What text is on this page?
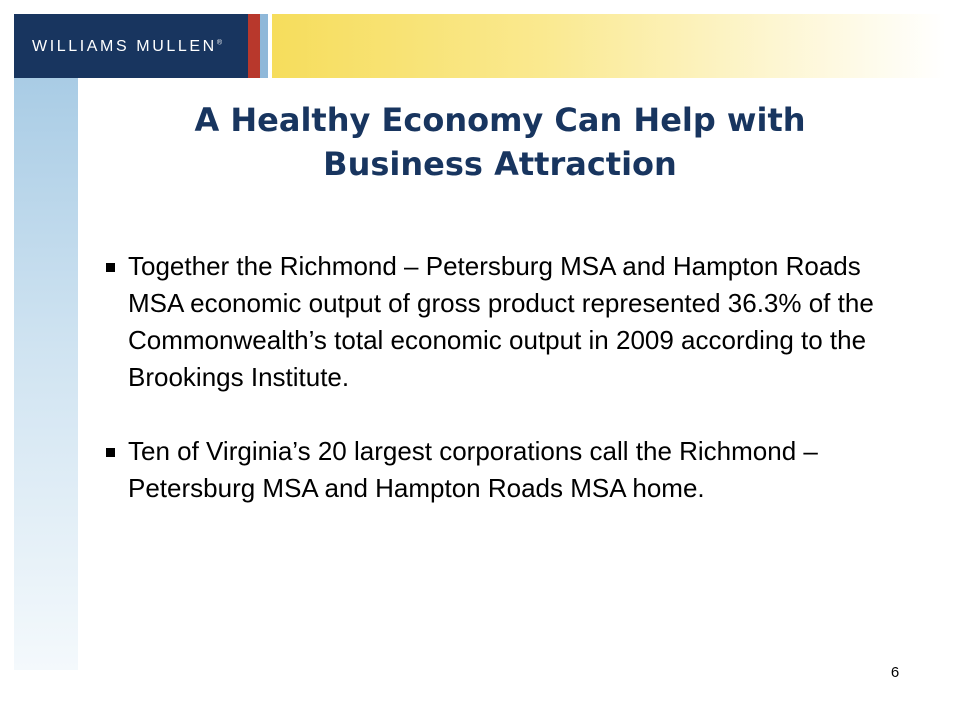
WILLIAMS MULLEN®
A Healthy Economy Can Help with Business Attraction
Together the Richmond – Petersburg MSA and Hampton Roads MSA economic output of gross product represented 36.3% of the Commonwealth’s total economic output in 2009 according to the Brookings Institute.
Ten of Virginia’s 20 largest corporations call the Richmond – Petersburg MSA and Hampton Roads MSA home.
6
